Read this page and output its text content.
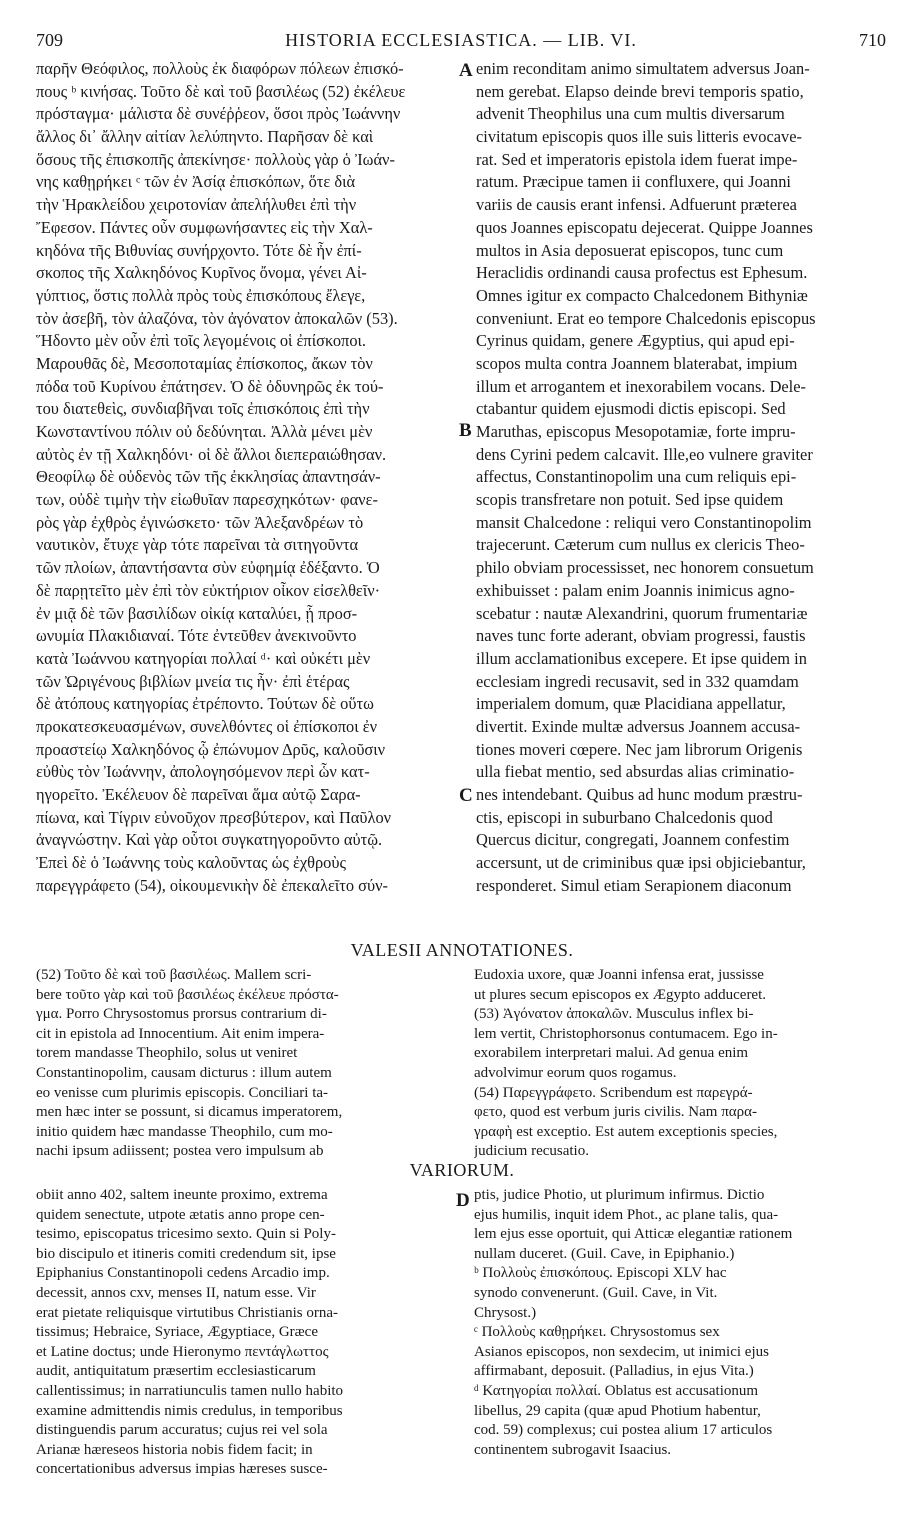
709	HISTORIA ECCLESIASTICA. — LIB. VI.	710
παρῆν Θεόφιλος, πολλοὺς ἐκ διαφόρων πόλεων ἐπισκό-
πους ᵇ κινήσας. Τοῦτο δὲ καὶ τοῦ βασιλέως (52) ἐκέλευε
πρόσταγμα· μάλιστα δὲ συνέῤῥεον, ὅσοι πρὸς Ἰωάννην
ἄλλος δι᾽ ἄλλην αἰτίαν λελύπηντο. Παρῆσαν δὲ καὶ
ὅσους τῆς ἐπισκοπῆς ἀπεκίνησε· πολλοὺς γὰρ ὁ Ἰωάν-
νης καθῃρήκει ᶜ τῶν ἐν Ἀσίᾳ ἐπισκόπων, ὅτε διὰ
τὴν Ἡρακλείδου χειροτονίαν ἀπελήλυθει ἐπὶ τὴν
Ἔφεσον. Πάντες οὖν συμφωνήσαντες εἰς τὴν Χαλ-
κηδόνα τῆς Βιθυνίας συνήρχοντο. Τότε δὲ ἦν ἐπί-
σκοπος τῆς Χαλκηδόνος Κυρῖνος ὄνομα, γένει Αἰ-
γύπτιος, ὅστις πολλὰ πρὸς τοὺς ἐπισκόπους ἔλεγε,
τὸν ἀσεβῆ, τὸν ἀλαζόνα, τὸν ἀγόνατον ἀποκαλῶν (53).
Ἥδοντο μὲν οὖν ἐπὶ τοῖς λεγομένοις οἱ ἐπίσκοποι.
Μαρουθᾶς δὲ, Μεσοποταμίας ἐπίσκοπος, ἄκων τὸν
πόδα τοῦ Κυρίνου ἐπάτησεν. Ὁ δὲ ὀδυνηρῶς ἐκ τού-
του διατεθεὶς, συνδιαβῆναι τοῖς ἐπισκόποις ἐπὶ τὴν
Κωνσταντίνου πόλιν οὐ δεδύνηται. Ἀλλὰ μένει μὲν
αὐτὸς ἐν τῇ Χαλκηδόνι· οἱ δὲ ἄλλοι διεπεραιώθησαν.
Θεοφίλῳ δὲ οὐδενὸς τῶν τῆς ἐκκλησίας ἀπαντησάν-
των, οὐδὲ τιμὴν τὴν εἰωθυῖαν παρεσχηκότων· φανε-
ρὸς γὰρ ἐχθρὸς ἐγινώσκετο· τῶν Ἀλεξανδρέων τὸ
ναυτικὸν, ἔτυχε γὰρ τότε παρεῖναι τὰ σιτηγοῦντα
τῶν πλοίων, ἀπαντήσαντα σὺν εὐφημίᾳ ἐδέξαντο. Ὁ
δὲ παρῃτεῖτο μὲν ἐπὶ τὸν εὐκτήριον οἶκον εἰσελθεῖν·
ἐν μιᾷ δὲ τῶν βασιλίδων οἰκίᾳ καταλύει, ᾗ προσ-
ωνυμία Πλακιδιαναί. Τότε ἐντεῦθεν ἀνεκινοῦντο
κατὰ Ἰωάννου κατηγορίαι πολλαί ᵈ· καὶ οὐκέτι μὲν
τῶν Ὠριγένους βιβλίων μνεία τις ἦν· ἐπὶ ἑτέρας
δὲ ἀτόπους κατηγορίας ἐτρέποντο. Τούτων δὲ οὕτω
προκατεσκευασμένων, συνελθόντες οἱ ἐπίσκοποι ἐν
προαστείῳ Χαλκηδόνος ᾧ ἐπώνυμον Δρῦς, καλοῦσιν
εὐθὺς τὸν Ἰωάννην, ἀπολογησόμενον περὶ ὧν κατ-
ηγορεῖτο. Ἐκέλευον δὲ παρεῖναι ἅμα αὐτῷ Σαρα-
πίωνα, καὶ Τίγριν εὐνοῦχον πρεσβύτερον, καὶ Παῦλον
ἀναγνώστην. Καὶ γὰρ οὗτοι συγκατηγοροῦντο αὐτῷ.
Ἐπεὶ δὲ ὁ Ἰωάννης τοὺς καλοῦντας ὡς ἐχθροὺς
παρεγγράφετο (54), οἰκουμενικὴν δὲ ἐπεκαλεῖτο σύν-
enim reconditam animo simultatem adversus Joan-
nem gerebat. Elapso deinde brevi temporis spatio,
advenit Theophilus una cum multis diversarum
civitatum episcopis quos ille suis litteris evocave-
rat. Sed et imperatoris epistola idem fuerat impe-
ratum. Præcipue tamen ii confluxere, qui Joanni
variis de causis erant infensi. Adfuerunt præterea
quos Joannes episcopatu dejecerat. Quippe Joannes
multos in Asia deposuerat episcopos, tunc cum
Heraclidis ordinandi causa profectus est Ephesum.
Omnes igitur ex compacto Chalcedonem Bithyniæ
conveniunt. Erat eo tempore Chalcedonis episcopus
Cyrinus quidam, genere Ægyptius, qui apud epi-
scopos multa contra Joannem blaterabat, impium
illum et arrogantem et inexorabilem vocans. Dele-
ctabantur quidem ejusmodi dictis episcopi. Sed
Maruthas, episcopus Mesopotamiæ, forte impru-
dens Cyrini pedem calcavit. Ille,eo vulnere graviter
affectus, Constantinopolim una cum reliquis epi-
scopis transfretare non potuit. Sed ipse quidem
mansit Chalcedone : reliqui vero Constantinopolim
trajecerunt. Cæterum cum nullus ex clericis Theo-
philo obviam processisset, nec honorem consuetum
exhibuisset : palam enim Joannis inimicus agno-
scebatur : nautæ Alexandrini, quorum frumentariæ
naves tunc forte aderant, obviam progressi, faustis
illum acclamationibus excepere. Et ipse quidem in
ecclesiam ingredi recusavit, sed in 332 quamdam
imperialem domum, quæ Placidiana appellatur,
divertit. Exinde multæ adversus Joannem accusa-
tiones moveri cœpere. Nec jam librorum Origenis
ulla fiebat mentio, sed absurdas alias criminatio-
nes intendebant. Quibus ad hunc modum præstru-
ctis, episcopi in suburbano Chalcedonis quod
Quercus dicitur, congregati, Joannem confestim
accersunt, ut de criminibus quæ ipsi objiciebantur,
responderet. Simul etiam Serapionem diaconum
A
B
C
D
VALESII ANNOTATIONES.
(52) Τοῦτο δὲ καὶ τοῦ βασιλέως. Mallem scri-
bere τοῦτο γὰρ καὶ τοῦ βασιλέως ἐκέλευε πρόστα-
γμα. Porro Chrysostomus prorsus contrarium di-
cit in epistola ad Innocentium. Ait enim impera-
torem mandasse Theophilo, solus ut veniret
Constantinopolim, causam dicturus : illum autem
eo venisse cum plurimis episcopis. Conciliari ta-
men hæc inter se possunt, si dicamus imperatorem,
initio quidem hæc mandasse Theophilo, cum mo-
nachi ipsum adiissent; postea vero impulsum ab
Eudoxia uxore, quæ Joanni infensa erat, jussisse
ut plures secum episcopos ex Ægypto adduceret.
(53) Ἀγόνατον ἀποκαλῶν. Musculus inflex bi-
lem vertit, Christophorsonus contumacem. Ego in-
exorabilem interpretari malui. Ad genua enim
advolvimur eorum quos rogamus.
(54) Παρεγγράφετο. Scribendum est παρεγρά-
φετο, quod est verbum juris civilis. Nam παρα-
γραφὴ est exceptio. Est autem exceptionis species,
judicium recusatio.
VARIORUM.
obiit anno 402, saltem ineunte proximo, extrema
quidem senectute, utpote ætatis anno prope cen-
tesimo, episcopatus tricesimo sexto. Quin si Poly-
bio discipulo et itineris comiti credendum sit, ipse
Epiphanius Constantinopoli cedens Arcadio imp.
decessit, annos cxv, menses II, natum esse. Vir
erat pietate reliquisque virtutibus Christianis orna-
tissimus; Hebraice, Syriace, Ægyptiace, Græce
et Latine doctus; unde Hieronymo πεντάγλωττος
audit, antiquitatum præsertim ecclesiasticarum
callentissimus; in narratiunculis tamen nullo habito
examine admittendis nimis credulus, in temporibus
distinguendis parum accuratus; cujus rei vel sola
Arianæ hæreseos historia nobis fidem facit; in
concertationibus adversus impias hæreses susce-
ptis, judice Photio, ut plurimum infirmus. Dictio
ejus humilis, inquit idem Phot., ac plane talis, qua-
lem ejus esse oportuit, qui Atticæ elegantiæ rationem
nullam duceret. (Guil. Cave, in Epiphanio.)
ᵇ Πολλοὺς ἐπισκόπους. Episcopi XLV hac
synodo convenerunt. (Guil. Cave, in Vit.
Chrysost.)
ᶜ Πολλοὺς καθῃρήκει. Chrysostomus sex
Asianos episcopos, non sexdecim, ut inimici ejus
affirmabant, deposuit. (Palladius, in ejus Vita.)
ᵈ Κατηγορίαι πολλαί. Oblatus est accusationum
libellus, 29 capita (quæ apud Photium habentur,
cod. 59) complexus; cui postea alium 17 articulos
continentem subrogavit Isaacius.
